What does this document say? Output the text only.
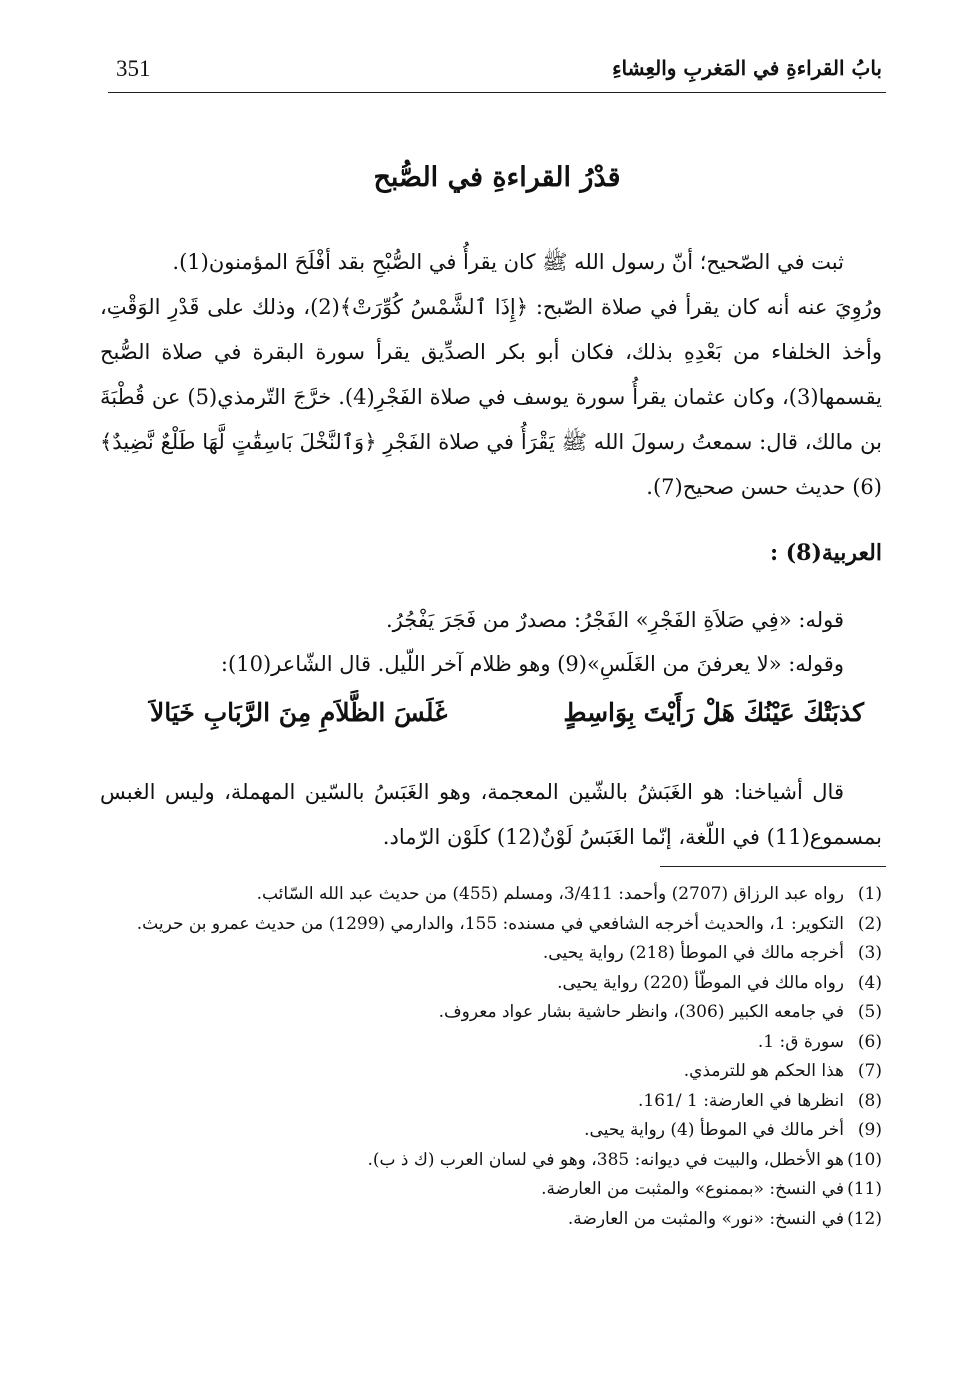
351	بابُ القراءةِ في المَغربِ والعِشاءِ
قدْرُ القراءةِ في الصُّبح

ثبت في الصّحيح؛ أنّ رسول الله ﷺ كان يقرأُ في الصُّبْحِ بقد أفْلَحَ المؤمنون(1).

ورُوِيَ عنه أنه كان يقرأ في صلاة الصّبح: ﴿إِذَا ٱلشَّمْسُ كُوِّرَتْ﴾(2)، وذلك على قَدْرِ الوَقْتِ، وأخذ الخلفاء من بَعْدِهِ بذلك، فكان أبو بكر الصدِّيق يقرأ سورة البقرة في صلاة الصُّبح يقسمها(3)، وكان عثمان يقرأُ سورة يوسف في صلاة الفَجْرِ(4). خرَّجَ التّرمذي(5) عن قُطْبَةَ بن مالك، قال: سمعتُ رسولَ الله ﷺ يَقْرَأُ في صلاة الفَجْرِ ﴿وَٱلنَّخْلَ بَاسِقَٰتٍ لَّهَا طَلْعٌ نَّضِيدٌ﴾(6) حديث حسن صحيح(7).

العربية(8) :

قوله: «فِي صَلاَةِ الفَجْرِ» الفَجْرُ: مصدرٌ من فَجَرَ يَفْجُرُ.

وقوله: «لا يعرفنَ من الغَلَسِ»(9) وهو ظلام آخر اللّيل. قال الشّاعر(10):

كذبَتْكَ عَيْنُكَ هَلْ رَأَيْتَ بِوَاسِطٍ
غَلَسَ الظَّلاَمِ مِنَ الرَّبَابِ خَيَالاَ

قال أشياخنا: هو الغَبَشُ بالشّين المعجمة، وهو الغَبَسُ بالسّين المهملة، وليس الغبس بمسموع(11) في اللّغة، إنّما الغَبَسُ لَوْنٌ(12) كلَوْن الرّماد.

(1)
رواه عبد الرزاق (2707) وأحمد: 3/411، ومسلم (455) من حديث عبد الله السّائب.

(2)
التكوير: 1، والحديث أخرجه الشافعي في مسنده: 155، والدارمي (1299) من حديث عمرو بن حريث.

(3)
أخرجه مالك في الموطأ (218) رواية يحيى.

(4)
رواه مالك في الموطّأ (220) رواية يحيى.

(5)
في جامعه الكبير (306)، وانظر حاشية بشار عواد معروف.

(6)
سورة ق: 1.

(7)
هذا الحكم هو للترمذي.

(8)
انظرها في العارضة: 1 /161.

(9)
أخر مالك في الموطأ (4) رواية يحيى.

(10)
هو الأخطل، والبيت في ديوانه: 385، وهو في لسان العرب (ك ذ ب).

(11)
في النسخ: «بممنوع» والمثبت من العارضة.

(12)
في النسخ: «نور» والمثبت من العارضة.
